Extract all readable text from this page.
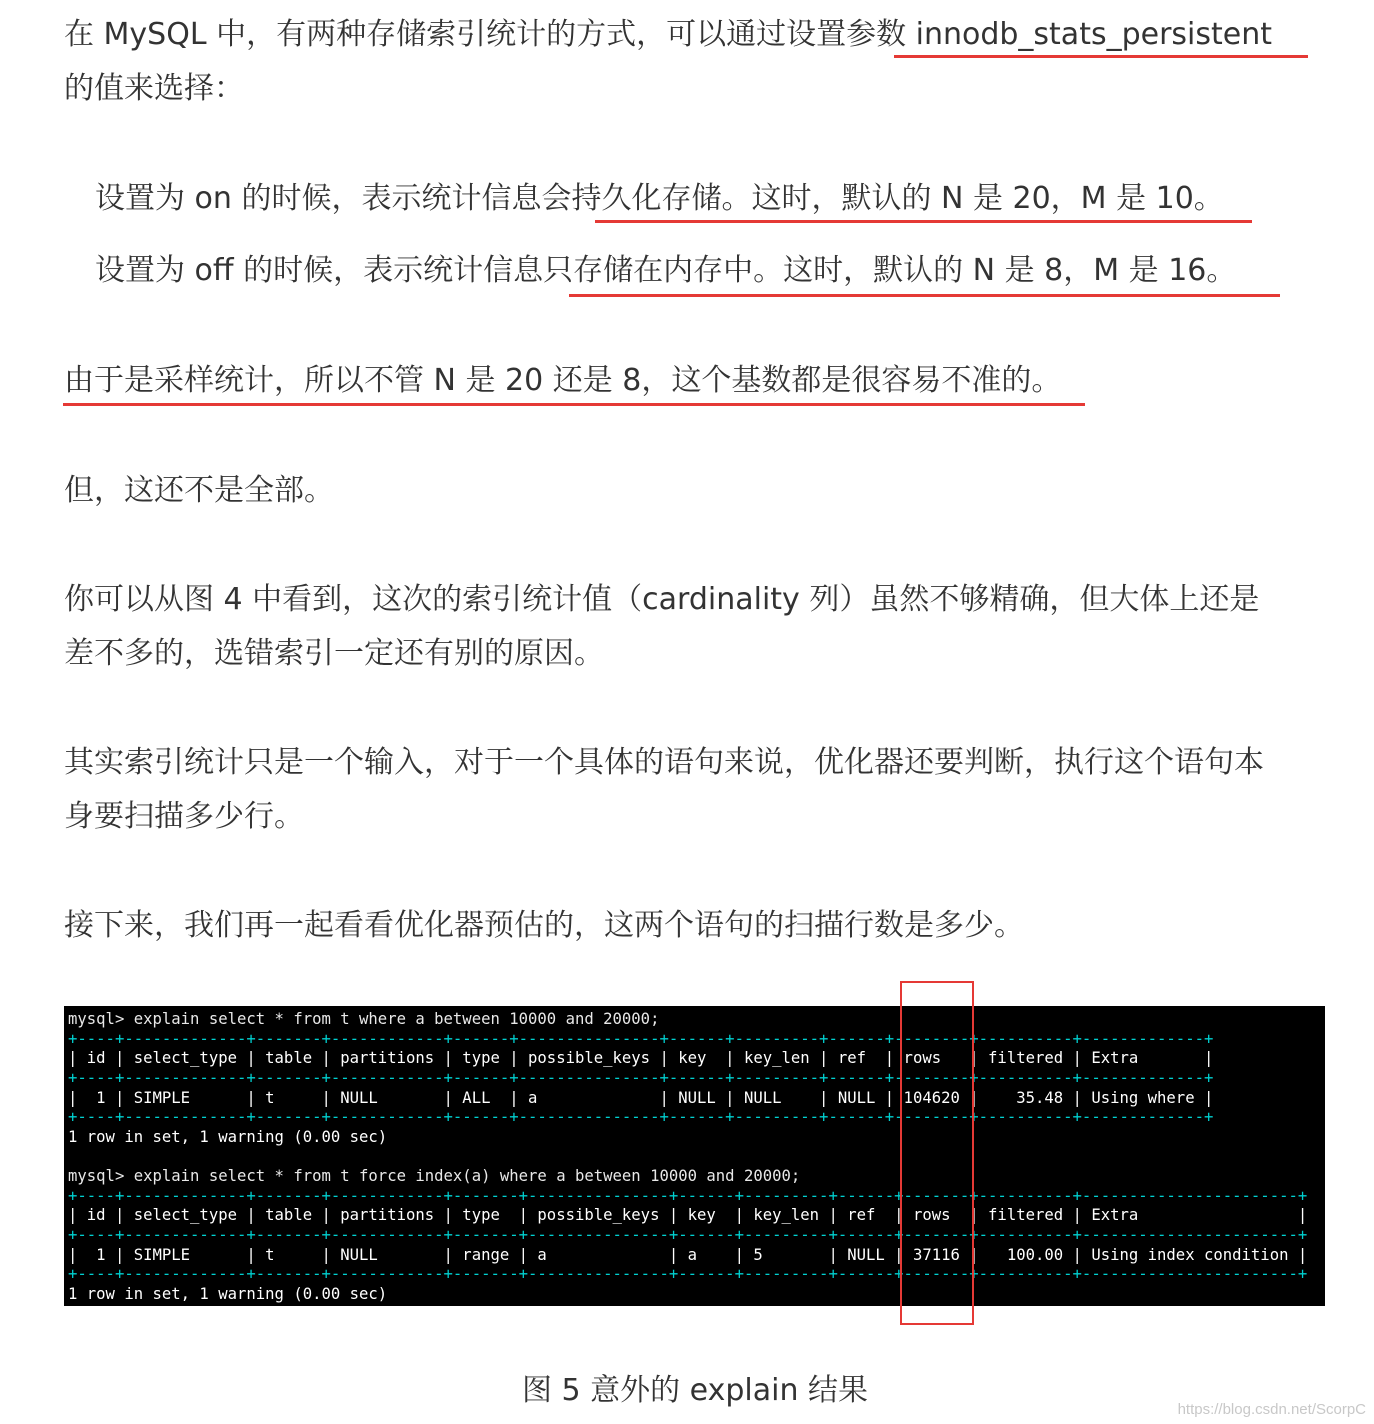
在 MySQL 中，有两种存储索引统计的方式，可以通过设置参数 innodb_stats_persistent

的值来选择：

设置为 on 的时候，表示统计信息会持久化存储。这时，默认的 N 是 20，M 是 10。

设置为 off 的时候，表示统计信息只存储在内存中。这时，默认的 N 是 8，M 是 16。

由于是采样统计，所以不管 N 是 20 还是 8，这个基数都是很容易不准的。

但，这还不是全部。

你可以从图 4 中看到，这次的索引统计值（cardinality 列）虽然不够精确，但大体上还是

差不多的，选错索引一定还有别的原因。

其实索引统计只是一个输入，对于一个具体的语句来说，优化器还要判断，执行这个语句本

身要扫描多少行。

接下来，我们再一起看看优化器预估的，这两个语句的扫描行数是多少。

mysql> explain select * from t where a between 10000 and 20000;
+----+-------------+-------+------------+------+---------------+------+---------+------+--------+----------+-------------+
| id | select_type | table | partitions | type | possible_keys | key  | key_len | ref  | rows   | filtered | Extra       |
+----+-------------+-------+------------+------+---------------+------+---------+------+--------+----------+-------------+
|  1 | SIMPLE      | t     | NULL       | ALL  | a             | NULL | NULL    | NULL | 104620 |    35.48 | Using where |
+----+-------------+-------+------------+------+---------------+------+---------+------+--------+----------+-------------+
1 row in set, 1 warning (0.00 sec)
mysql> explain select * from t force index(a) where a between 10000 and 20000;
+----+-------------+-------+------------+-------+---------------+------+---------+------+-------+----------+-----------------------+
| id | select_type | table | partitions | type  | possible_keys | key  | key_len | ref  | rows  | filtered | Extra                 |
+----+-------------+-------+------------+-------+---------------+------+---------+------+-------+----------+-----------------------+
|  1 | SIMPLE      | t     | NULL       | range | a             | a    | 5       | NULL | 37116 |   100.00 | Using index condition |
+----+-------------+-------+------------+-------+---------------+------+---------+------+-------+----------+-----------------------+
1 row in set, 1 warning (0.00 sec)
图 5 意外的 explain 结果
https://blog.csdn.net/ScorpC
